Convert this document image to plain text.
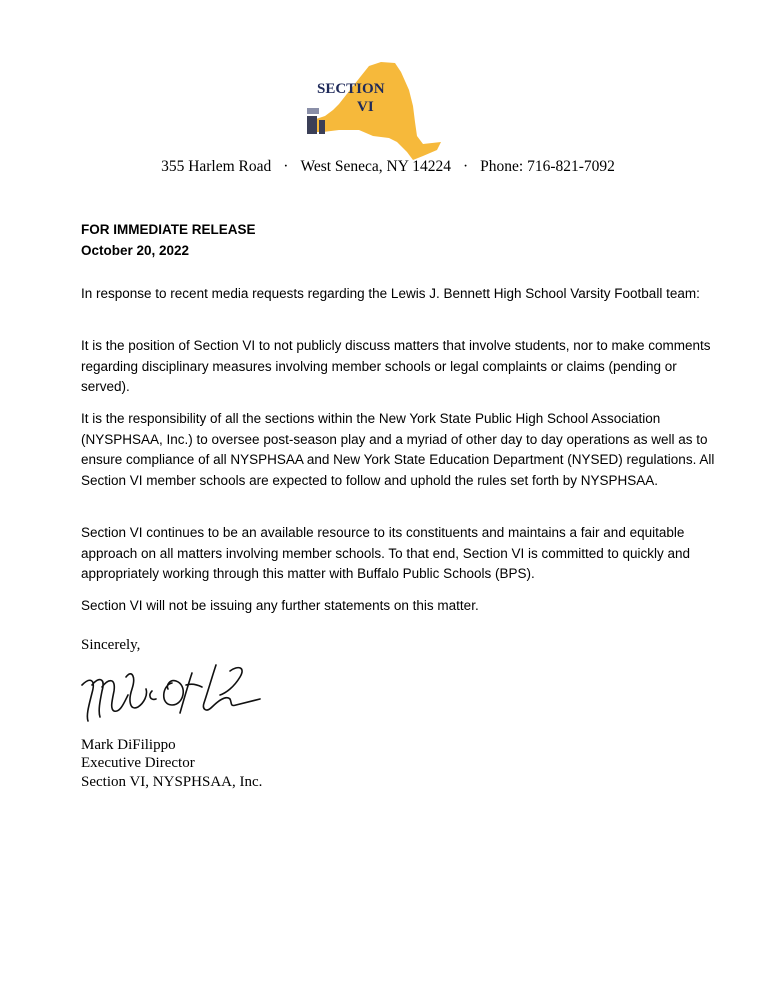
SECTION
VI
355 Harlem Road · West Seneca, NY 14224 · Phone: 716-821-7092
FOR IMMEDIATE RELEASE
October 20, 2022
In response to recent media requests regarding the Lewis J. Bennett High School Varsity Football team:
It is the position of Section VI to not publicly discuss matters that involve students, nor to make comments regarding disciplinary measures involving member schools or legal complaints or claims (pending or served).
It is the responsibility of all the sections within the New York State Public High School Association (NYSPHSAA, Inc.) to oversee post-season play and a myriad of other day to day operations as well as to ensure compliance of all NYSPHSAA and New York State Education Department (NYSED) regulations. All Section VI member schools are expected to follow and uphold the rules set forth by NYSPHSAA.
Section VI continues to be an available resource to its constituents and maintains a fair and equitable approach on all matters involving member schools. To that end, Section VI is committed to quickly and appropriately working through this matter with Buffalo Public Schools (BPS).
Section VI will not be issuing any further statements on this matter.
Sincerely,
Mark DiFilippo
Executive Director
Section VI, NYSPHSAA, Inc.
